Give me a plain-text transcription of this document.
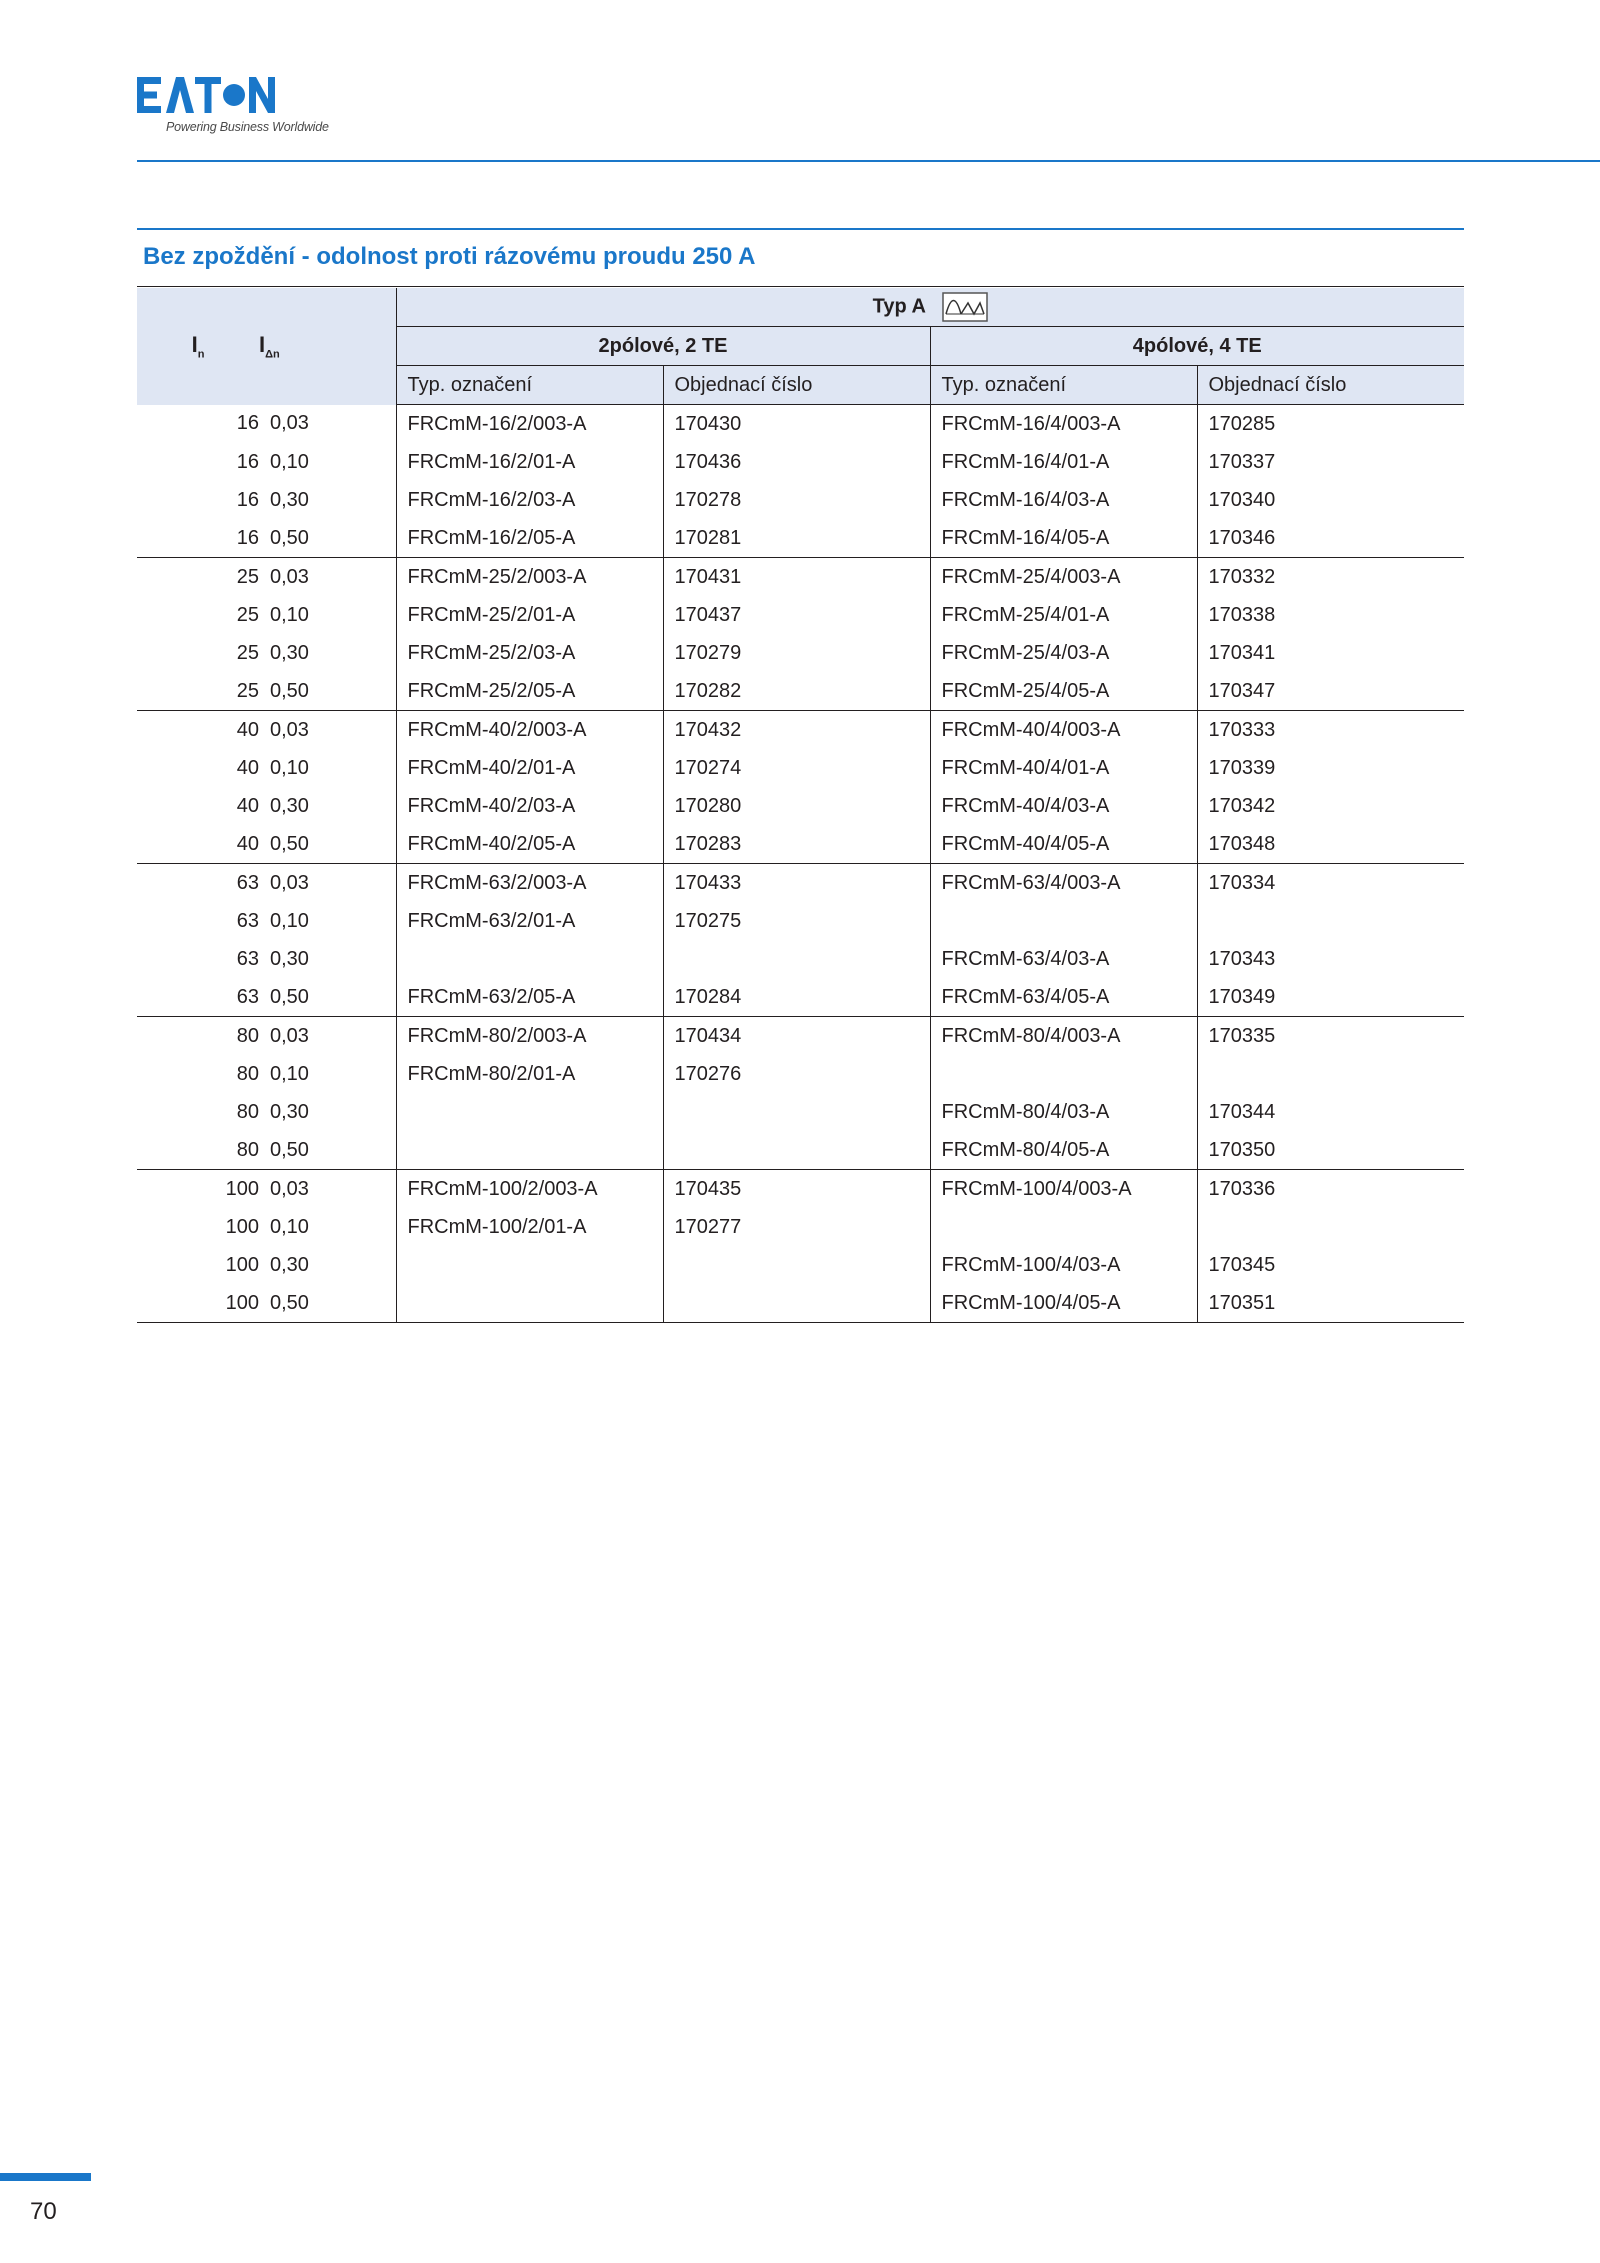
Powering Business Worldwide
Bez zpoždění - odolnost proti rázovému proudu 250 A
$I_n$	$I_{\Delta n}$	Typ A			
		2pólové, 2 TE		4pólové, 4 TE	
		Typ. označení	Objednací číslo	Typ. označení	Objednací číslo
16	0,03	FRCmM-16/2/003-A	170430	FRCmM-16/4/003-A	170285
16	0,10	FRCmM-16/2/01-A	170436	FRCmM-16/4/01-A	170337
16	0,30	FRCmM-16/2/03-A	170278	FRCmM-16/4/03-A	170340
16	0,50	FRCmM-16/2/05-A	170281	FRCmM-16/4/05-A	170346
25	0,03	FRCmM-25/2/003-A	170431	FRCmM-25/4/003-A	170332
25	0,10	FRCmM-25/2/01-A	170437	FRCmM-25/4/01-A	170338
25	0,30	FRCmM-25/2/03-A	170279	FRCmM-25/4/03-A	170341
25	0,50	FRCmM-25/2/05-A	170282	FRCmM-25/4/05-A	170347
40	0,03	FRCmM-40/2/003-A	170432	FRCmM-40/4/003-A	170333
40	0,10	FRCmM-40/2/01-A	170274	FRCmM-40/4/01-A	170339
40	0,30	FRCmM-40/2/03-A	170280	FRCmM-40/4/03-A	170342
40	0,50	FRCmM-40/2/05-A	170283	FRCmM-40/4/05-A	170348
63	0,03	FRCmM-63/2/003-A	170433	FRCmM-63/4/003-A	170334
63	0,10	FRCmM-63/2/01-A	170275		
63	0,30			FRCmM-63/4/03-A	170343
63	0,50	FRCmM-63/2/05-A	170284	FRCmM-63/4/05-A	170349
80	0,03	FRCmM-80/2/003-A	170434	FRCmM-80/4/003-A	170335
80	0,10	FRCmM-80/2/01-A	170276		
80	0,30			FRCmM-80/4/03-A	170344
80	0,50			FRCmM-80/4/05-A	170350
100	0,03	FRCmM-100/2/003-A	170435	FRCmM-100/4/003-A	170336
100	0,10	FRCmM-100/2/01-A	170277		
100	0,30			FRCmM-100/4/03-A	170345
100	0,50			FRCmM-100/4/05-A	170351
70
